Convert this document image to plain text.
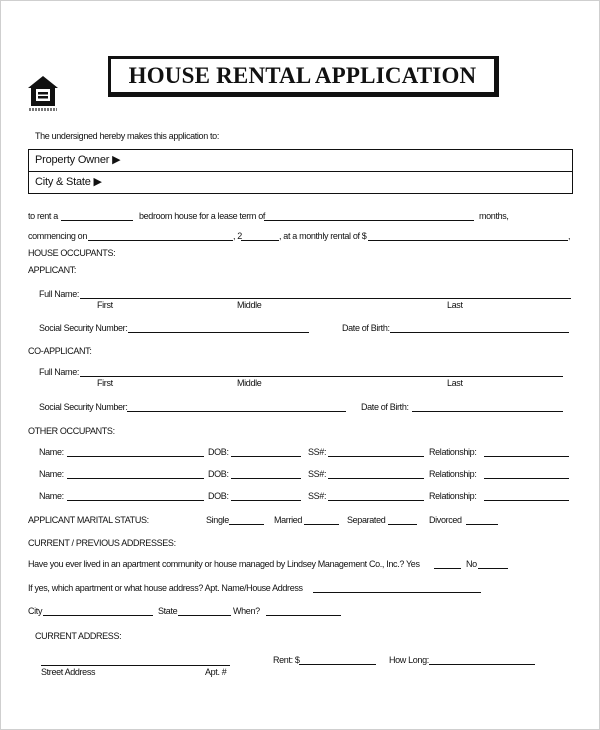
HOUSE RENTAL APPLICATION
The undersigned hereby makes this application to:
Property Owner ▶
City & State ▶
to rent a	bedroom house for a lease term of	months,
commencing on	, 2	, at a monthly rental of $	,
HOUSE OCCUPANTS:
APPLICANT:
Full Name:
First	Middle	Last
Social Security Number:	Date of Birth:
CO-APPLICANT:
Full Name:
First	Middle	Last
Social Security Number:	Date of Birth:
OTHER OCCUPANTS:
Name:	DOB:	SS#:	Relationship:
Name:	DOB:	SS#:	Relationship:
Name:	DOB:	SS#:	Relationship:
APPLICANT MARITAL STATUS:	Single	Married	Separated	Divorced
CURRENT / PREVIOUS ADDRESSES:
Have you ever lived in an apartment community or house managed by Lindsey Management Co., Inc.? Yes	No
If yes, which apartment or what house address? Apt. Name/House Address
City	State	When?
CURRENT ADDRESS:
Street Address	Apt. #
Rent: $	How Long:
